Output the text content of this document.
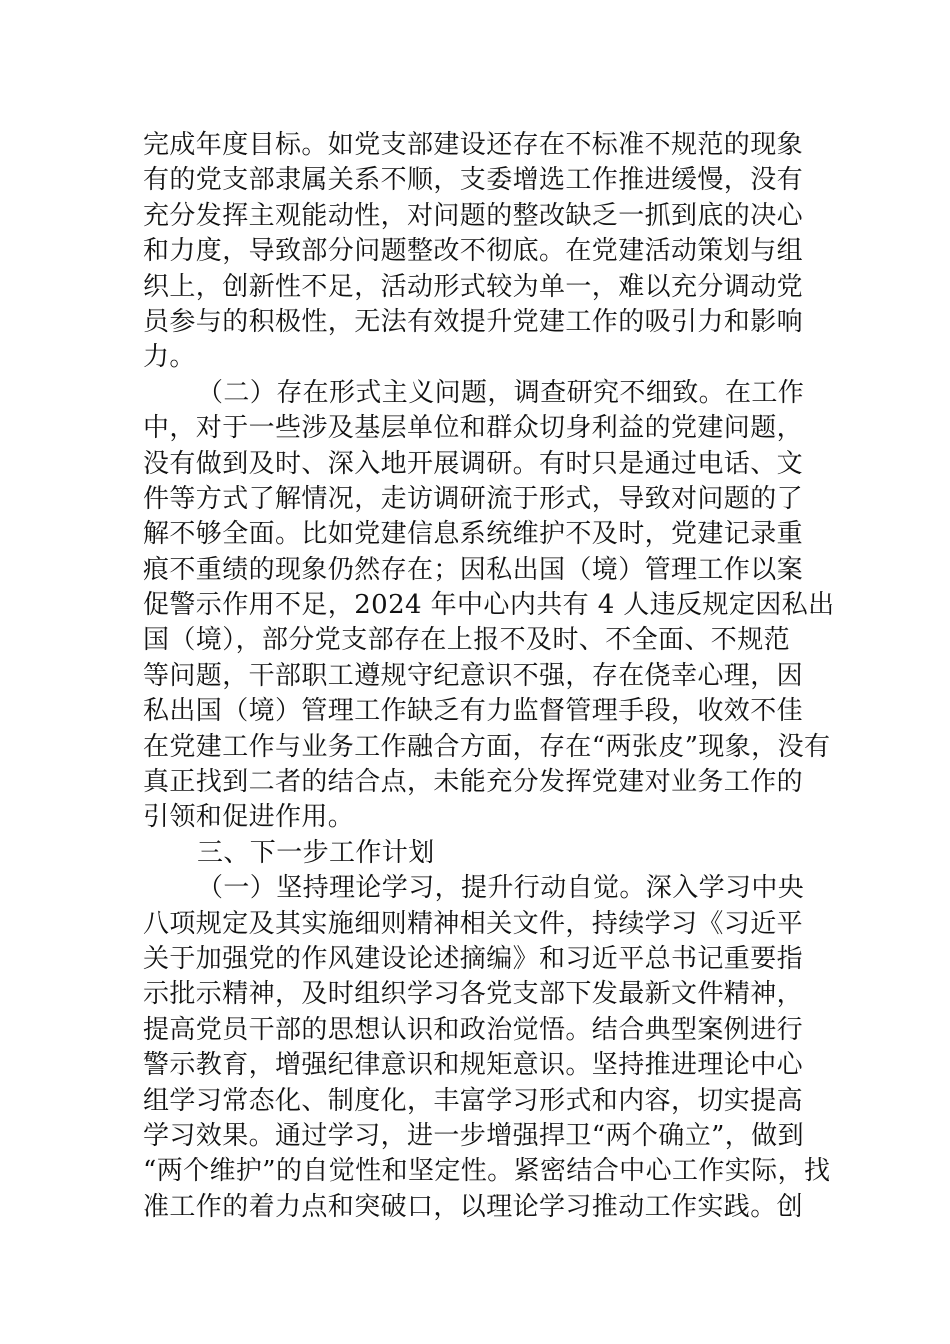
完成年度目标。如党支部建设还存在不标准不规范的现象
有的党支部隶属关系不顺，支委增选工作推进缓慢，没有
充分发挥主观能动性，对问题的整改缺乏一抓到底的决心
和力度，导致部分问题整改不彻底。在党建活动策划与组
织上，创新性不足，活动形式较为单一，难以充分调动党
员参与的积极性，无法有效提升党建工作的吸引力和影响
力。
（二）存在形式主义问题，调查研究不细致。在工作
中，对于一些涉及基层单位和群众切身利益的党建问题，
没有做到及时、深入地开展调研。有时只是通过电话、文
件等方式了解情况，走访调研流于形式，导致对问题的了
解不够全面。比如党建信息系统维护不及时，党建记录重
痕不重绩的现象仍然存在；因私出国（境）管理工作以案
促警示作用不足，2024 年中心内共有 4 人违反规定因私出
国（境），部分党支部存在上报不及时、不全面、不规范
等问题，干部职工遵规守纪意识不强，存在侥幸心理，因
私出国（境）管理工作缺乏有力监督管理手段，收效不佳
在党建工作与业务工作融合方面，存在“两张皮”现象，没有
真正找到二者的结合点，未能充分发挥党建对业务工作的
引领和促进作用。
三、下一步工作计划
（一）坚持理论学习，提升行动自觉。深入学习中央
八项规定及其实施细则精神相关文件，持续学习《习近平
关于加强党的作风建设论述摘编》和习近平总书记重要指
示批示精神，及时组织学习各党支部下发最新文件精神，
提高党员干部的思想认识和政治觉悟。结合典型案例进行
警示教育，增强纪律意识和规矩意识。坚持推进理论中心
组学习常态化、制度化，丰富学习形式和内容，切实提高
学习效果。通过学习，进一步增强捍卫“两个确立”，做到
“两个维护”的自觉性和坚定性。紧密结合中心工作实际，找
准工作的着力点和突破口，以理论学习推动工作实践。创
